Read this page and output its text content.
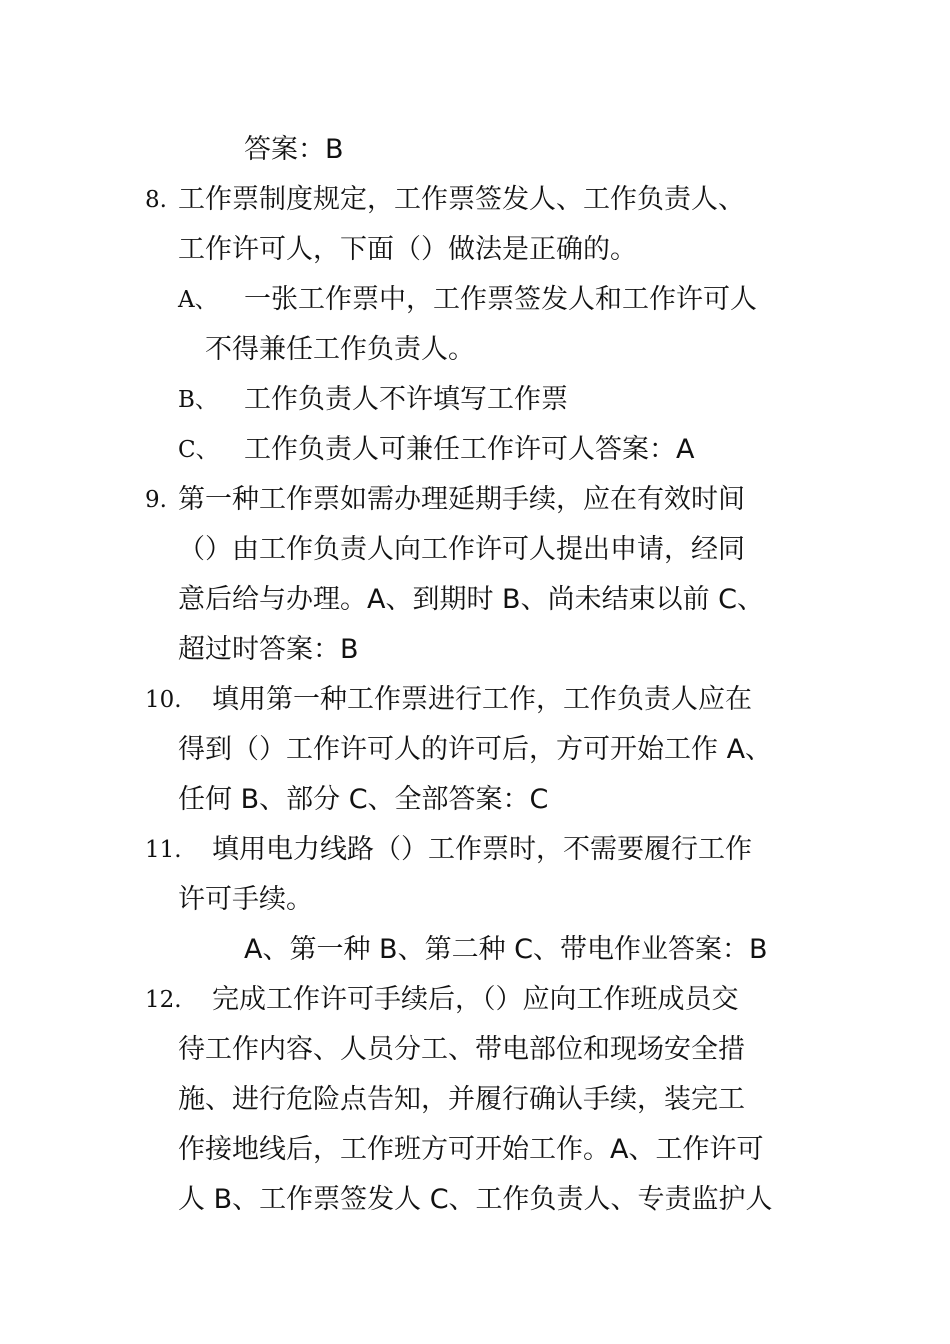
答案：B
8. 工作票制度规定，工作票签发人、工作负责人、
工作许可人，下面（）做法是正确的。
A、 一张工作票中，工作票签发人和工作许可人
不得兼任工作负责人。
B、 工作负责人不许填写工作票
C、 工作负责人可兼任工作许可人答案：A
9. 第一种工作票如需办理延期手续，应在有效时间
（）由工作负责人向工作许可人提出申请，经同
意后给与办理。A、到期时 B、尚未结束以前 C、
超过时答案：B
10. 填用第一种工作票进行工作，工作负责人应在
得到（）工作许可人的许可后，方可开始工作 A、
任何 B、部分 C、全部答案：C
11. 填用电力线路（）工作票时，不需要履行工作
许可手续。
A、第一种 B、第二种 C、带电作业答案：B
12. 完成工作许可手续后，（）应向工作班成员交
待工作内容、人员分工、带电部位和现场安全措
施、进行危险点告知，并履行确认手续，装完工
作接地线后，工作班方可开始工作。A、工作许可
人 B、工作票签发人 C、工作负责人、专责监护人
